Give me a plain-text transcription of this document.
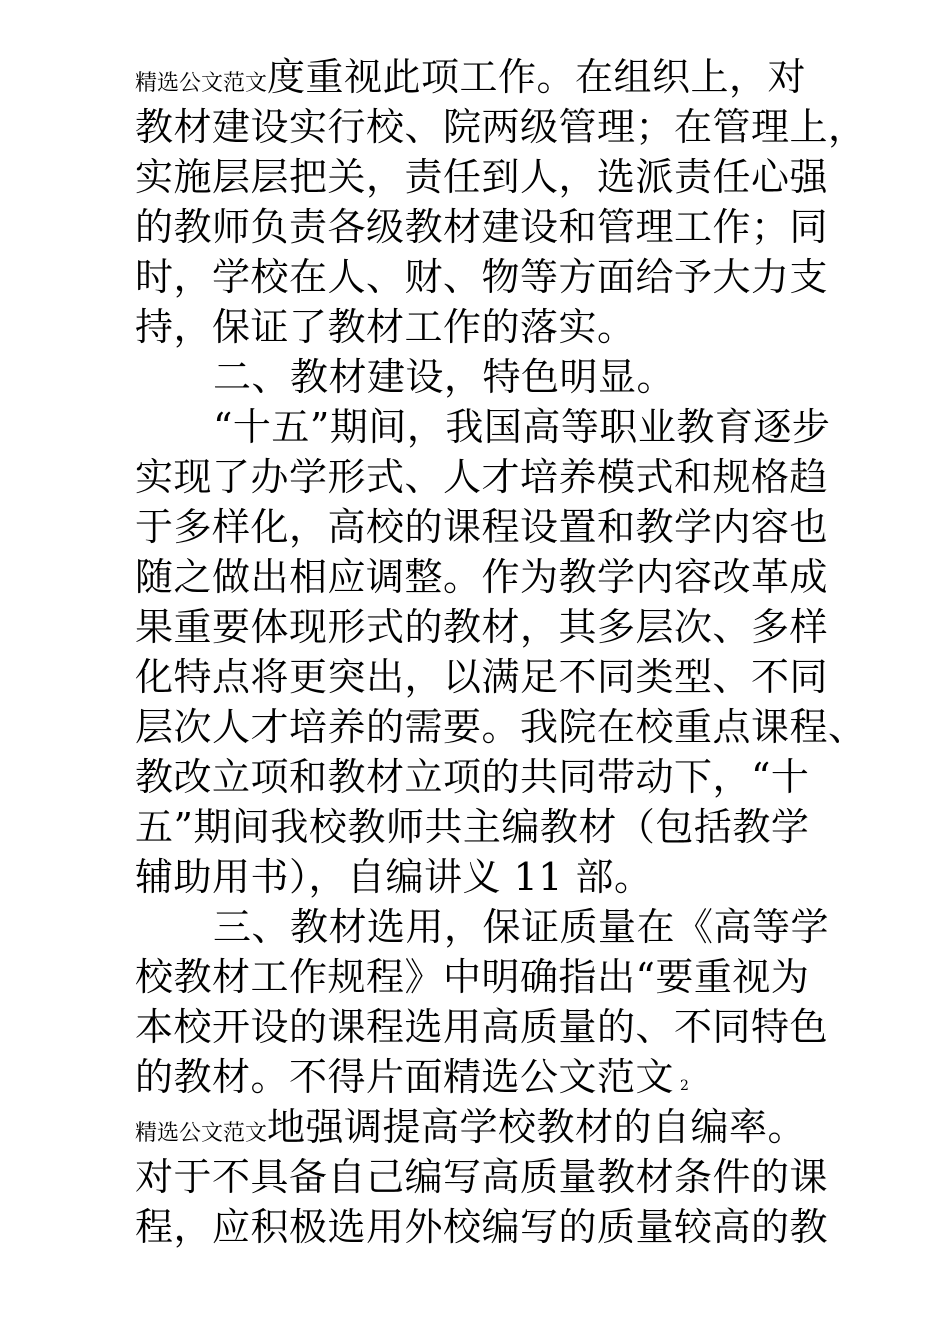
精选公文范文度重视此项工作。在组织上，对
教材建设实行校、院两级管理；在管理上，
实施层层把关，责任到人，选派责任心强
的教师负责各级教材建设和管理工作；同
时，学校在人、财、物等方面给予大力支
持，保证了教材工作的落实。
二、教材建设，特色明显。
“十五”期间，我国高等职业教育逐步
实现了办学形式、人才培养模式和规格趋
于多样化，高校的课程设置和教学内容也
随之做出相应调整。作为教学内容改革成
果重要体现形式的教材，其多层次、多样
化特点将更突出，以满足不同类型、不同
层次人才培养的需要。我院在校重点课程、
教改立项和教材立项的共同带动下，“十
五”期间我校教师共主编教材（包括教学
辅助用书），自编讲义 11 部。
三、教材选用，保证质量在《高等学
校教材工作规程》中明确指出“要重视为
本校开设的课程选用高质量的、不同特色
的教材。不得片面精选公文范文 2
精选公文范文地强调提高学校教材的自编率。
对于不具备自己编写高质量教材条件的课
程，应积极选用外校编写的质量较高的教
